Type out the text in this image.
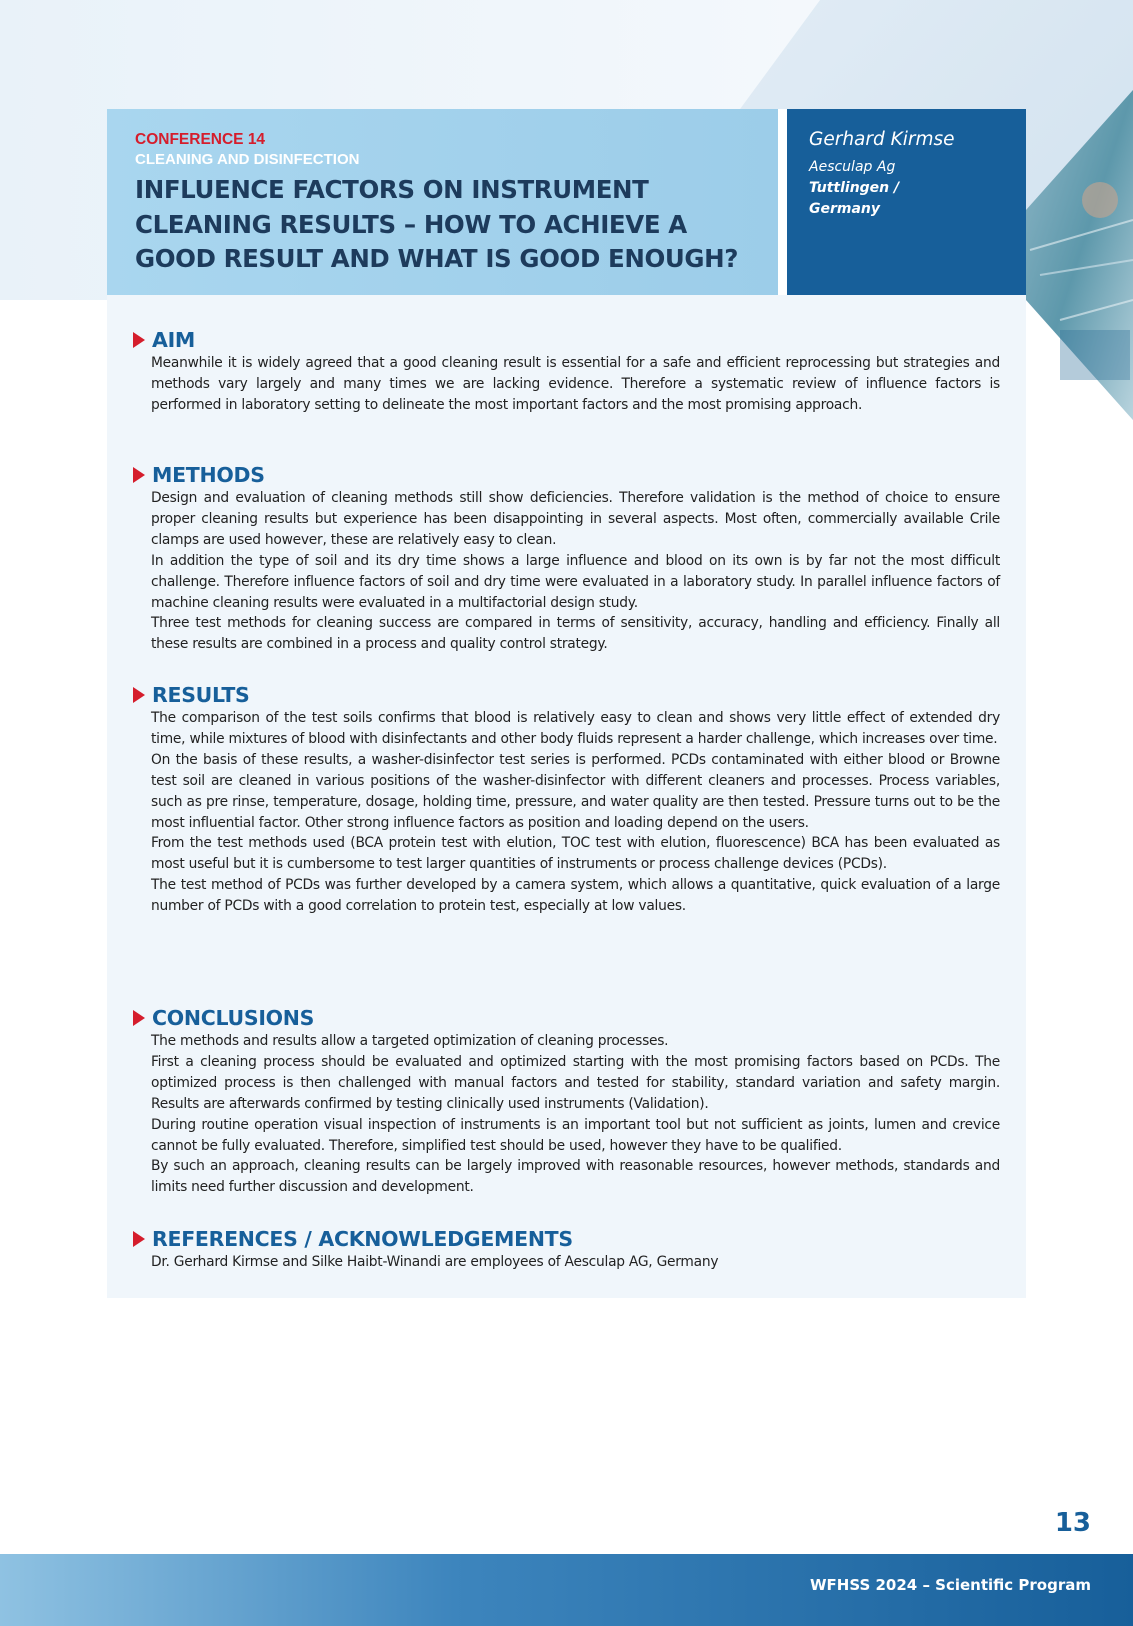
CONFERENCE 14
CLEANING AND DISINFECTION
INFLUENCE FACTORS ON INSTRUMENT CLEANING RESULTS – HOW TO ACHIEVE A GOOD RESULT AND WHAT IS GOOD ENOUGH?
Gerhard Kirmse
Aesculap Ag
Tuttlingen / Germany
AIM

Meanwhile it is widely agreed that a good cleaning result is essential for a safe and efficient reprocessing but strategies and methods vary largely and many times we are lacking evidence. Therefore a systematic review of influence factors is performed in laboratory setting to delineate the most important factors and the most promising approach.

METHODS

Design and evaluation of cleaning methods still show deficiencies. Therefore validation is the method of choice to ensure proper cleaning results but experience has been disappointing in several aspects. Most often, commercially available Crile clamps are used however, these are relatively easy to clean.

In addition the type of soil and its dry time shows a large influence and blood on its own is by far not the most difficult challenge. Therefore influence factors of soil and dry time were evaluated in a laboratory study. In parallel influence factors of machine cleaning results were evaluated in a multifactorial design study.

Three test methods for cleaning success are compared in terms of sensitivity, accuracy, handling and efficiency. Finally all these results are combined in a process and quality control strategy.

RESULTS

The comparison of the test soils confirms that blood is relatively easy to clean and shows very little effect of extended dry time, while mixtures of blood with disinfectants and other body fluids represent a harder challenge, which increases over time.

On the basis of these results, a washer-disinfector test series is performed. PCDs contaminated with either blood or Browne test soil are cleaned in various positions of the washer-disinfector with different cleaners and processes. Process variables, such as pre rinse, temperature, dosage, holding time, pressure, and water quality are then tested. Pressure turns out to be the most influential factor. Other strong influence factors as position and loading depend on the users.

From the test methods used (BCA protein test with elution, TOC test with elution, fluorescence) BCA has been evaluated as most useful but it is cumbersome to test larger quantities of instruments or process challenge devices (PCDs).

The test method of PCDs was further developed by a camera system, which allows a quantitative, quick evaluation of a large number of PCDs with a good correlation to protein test, especially at low values.

CONCLUSIONS

The methods and results allow a targeted optimization of cleaning processes.

First a cleaning process should be evaluated and optimized starting with the most promising factors based on PCDs. The optimized process is then challenged with manual factors and tested for stability, standard variation and safety margin. Results are afterwards confirmed by testing clinically used instruments (Validation).

During routine operation visual inspection of instruments is an important tool but not sufficient as joints, lumen and crevice cannot be fully evaluated. Therefore, simplified test should be used, however they have to be qualified.

By such an approach, cleaning results can be largely improved with reasonable resources, however methods, standards and limits need further discussion and development.

REFERENCES / ACKNOWLEDGEMENTS

Dr. Gerhard Kirmse and Silke Haibt-Winandi are employees of Aesculap AG, Germany

13
WFHSS 2024 – Scientific Program
